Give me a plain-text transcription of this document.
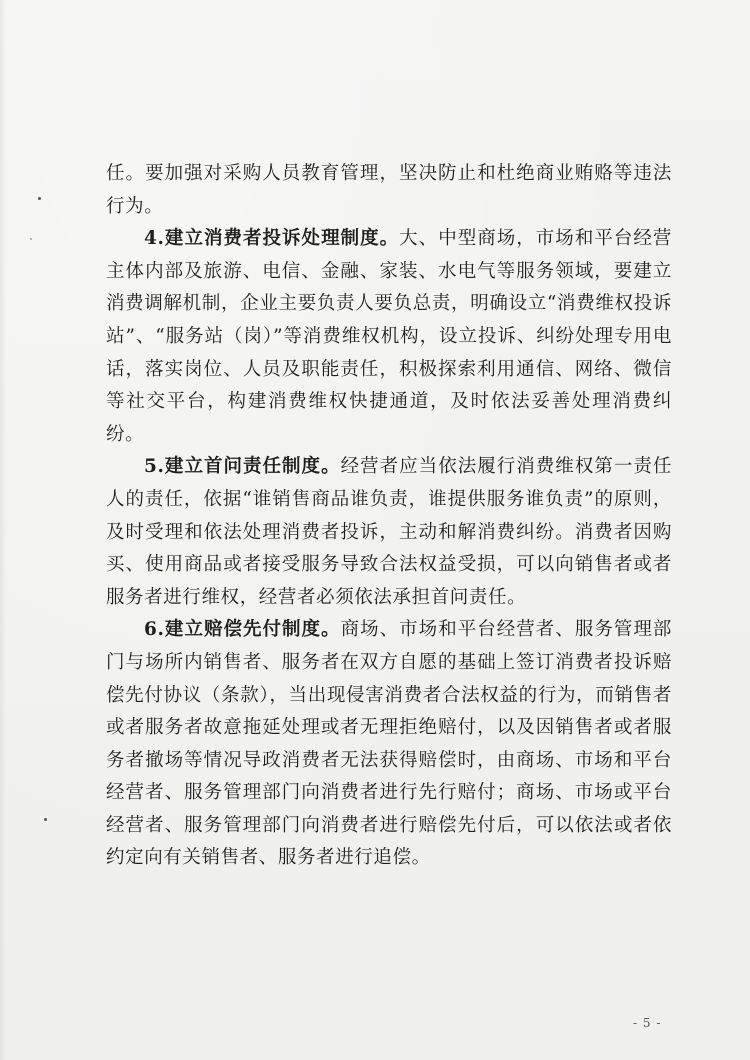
任。要加强对采购人员教育管理，坚决防止和杜绝商业贿赂等违法行为。

4.建立消费者投诉处理制度。大、中型商场，市场和平台经营主体内部及旅游、电信、金融、家装、水电气等服务领域，要建立消费调解机制，企业主要负责人要负总责，明确设立“消费维权投诉站”、“服务站（岗）”等消费维权机构，设立投诉、纠纷处理专用电话，落实岗位、人员及职能责任，积极探索利用通信、网络、微信等社交平台，构建消费维权快捷通道，及时依法妥善处理消费纠纷。

5.建立首问责任制度。经营者应当依法履行消费维权第一责任人的责任，依据“谁销售商品谁负责，谁提供服务谁负责”的原则，及时受理和依法处理消费者投诉，主动和解消费纠纷。消费者因购买、使用商品或者接受服务导致合法权益受损，可以向销售者或者服务者进行维权，经营者必须依法承担首问责任。

6.建立赔偿先付制度。商场、市场和平台经营者、服务管理部门与场所内销售者、服务者在双方自愿的基础上签订消费者投诉赔偿先付协议（条款），当出现侵害消费者合法权益的行为，而销售者或者服务者故意拖延处理或者无理拒绝赔付，以及因销售者或者服务者撤场等情况导政消费者无法获得赔偿时，由商场、市场和平台经营者、服务管理部门向消费者进行先行赔付；商场、市场或平台经营者、服务管理部门向消费者进行赔偿先付后，可以依法或者依约定向有关销售者、服务者进行追偿。

- 5 -
